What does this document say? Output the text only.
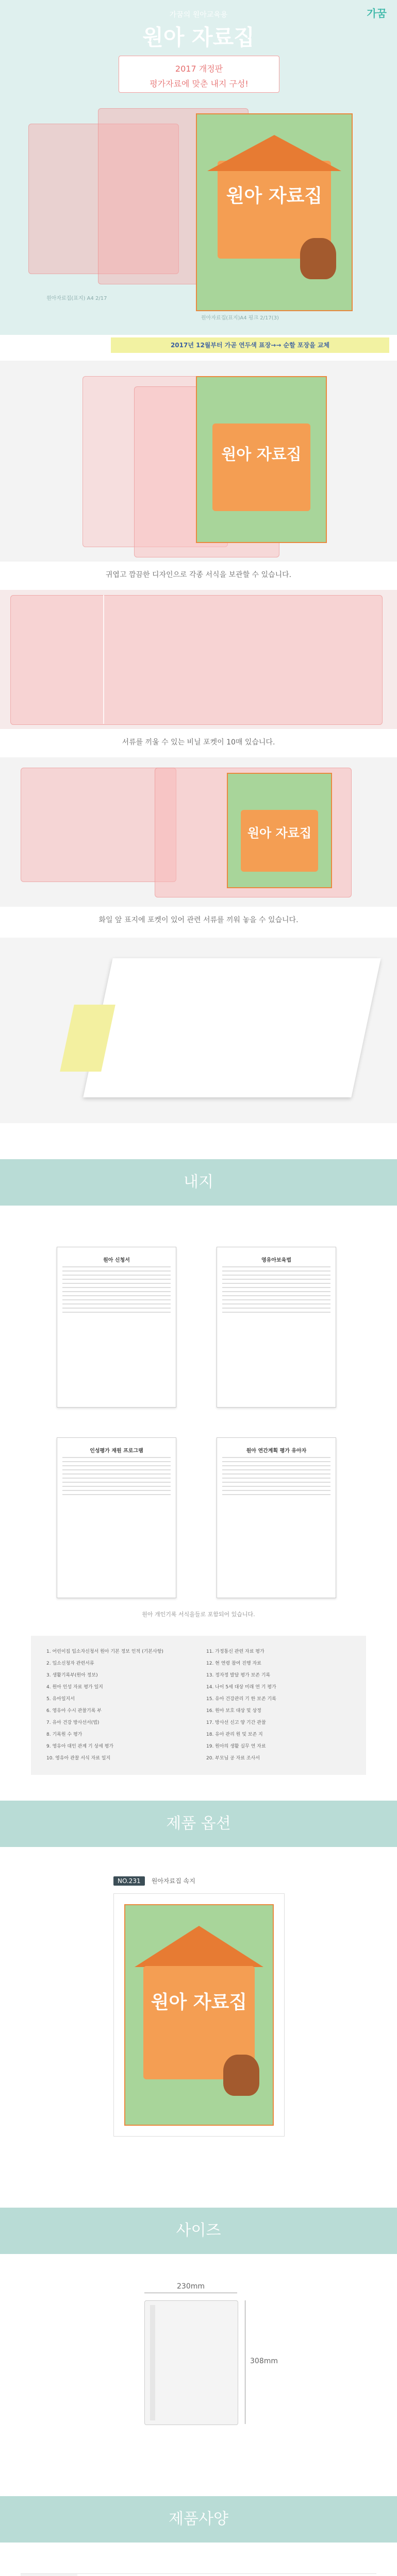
가꿈
가꿈의 원아교육용
원아 자료집
2017 개정판
평가자료에 맞춘 내지 구성!
원아 자료집
원아자료집(표지) A4 2/17
원아자료집(표지)A4 핑크 2/17(3)
2017년 12월부터 가곧 연두색 표장→→ 순할 포장을 교체
원아 자료집
귀엽고 깜끔한 디자인으로 각종 서식을 보관할 수 있습니다.
서류를 끼울 수 있는 비닐 포켓이 10매 있습니다.
원아 자료집
화일 앞 표지에 포켓이 있어 관련 서류를 끼워 놓을 수 있습니다.
내지
원아 신청서	영유아보육법
인성평가 재원 프로그램	원아 연간계획 평가 유아자
원아 개인기록 서식을들로 포함되어 있습니다.
1. 어린이집 입소자신청서 원아 기본 정보 인적 (기본사항)
2. 입소신청자 관련서류
3. 생활기록부(원아 정보)
4. 원아 인성 자료 평가 일지
5. 유아일지서
6. 영유아 수시 관찰기록 부
7. 유아 건강 방사선서(법)
8. 기록원 수 평가
9. 영유아 대인 관계 기 상세 평가
10. 영유아 관찰 서식 자료 일지
11. 가정통신 관련 자료 평가
12. 현 연령 참여 진행 자료
13. 정자정 발달 평가 보존 기록
14. 나이 5세 대상 미래 연 기 평가
15. 유아 건강관리 기 한 보존 기록
16. 원아 보호 대상 및 상정
17. 방사선 신고 양 기간 관찰
18. 유아 관리 원 및 보존 지
19. 원아의 생활 실무 연 자료
20. 부모님 공 자료 조사서
제품 옵션
NO.231 원아자료집 속지
원아 자료집
사이즈
230mm
308mm
제품사양
